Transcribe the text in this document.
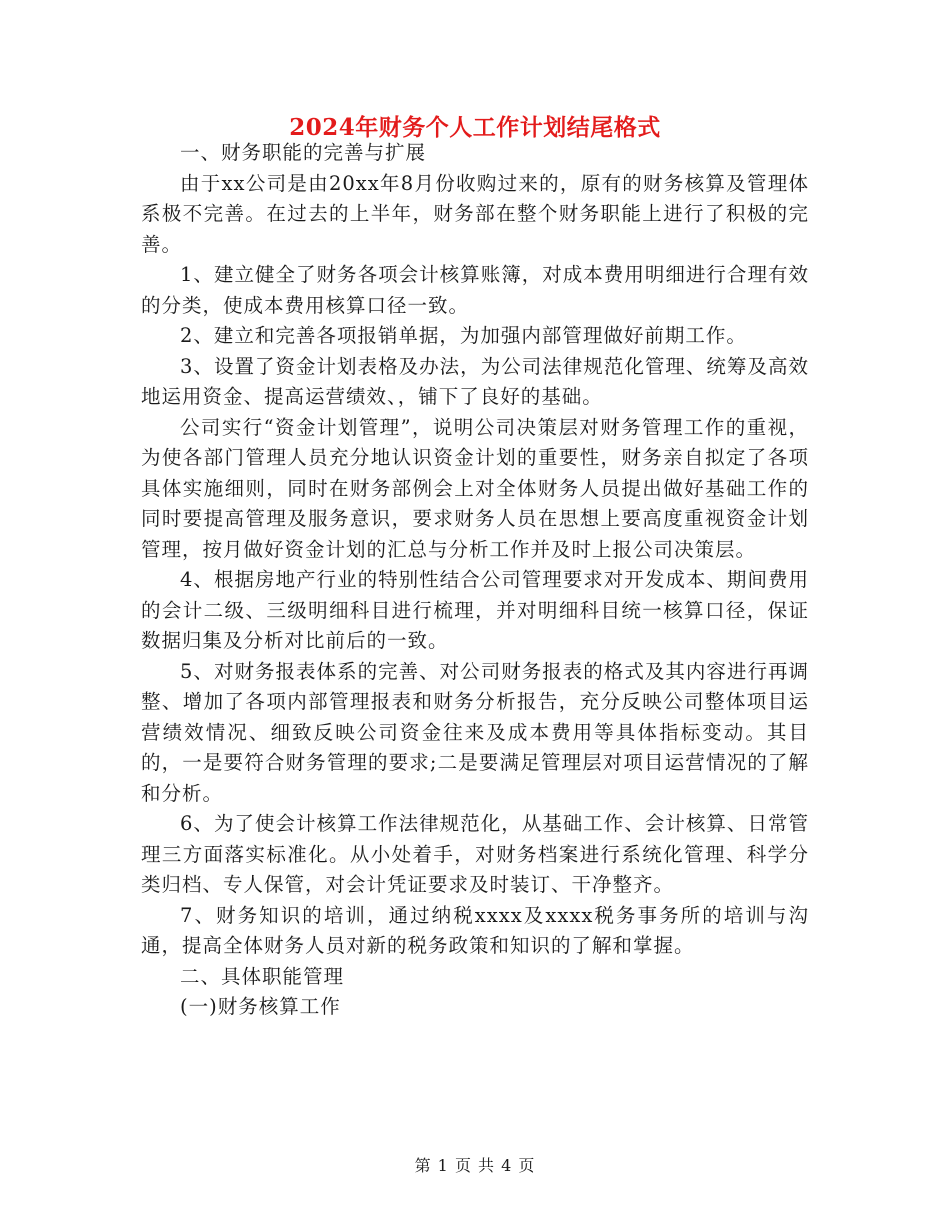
2024年财务个人工作计划结尾格式

一、财务职能的完善与扩展

由于xx公司是由20xx年8月份收购过来的，原有的财务核算及管理体系极不完善。在过去的上半年，财务部在整个财务职能上进行了积极的完善。

1、建立健全了财务各项会计核算账簿，对成本费用明细进行合理有效的分类，使成本费用核算口径一致。

2、建立和完善各项报销单据，为加强内部管理做好前期工作。

3、设置了资金计划表格及办法，为公司法律规范化管理、统筹及高效地运用资金、提高运营绩效、，铺下了良好的基础。

公司实行“资金计划管理”，说明公司决策层对财务管理工作的重视，为使各部门管理人员充分地认识资金计划的重要性，财务亲自拟定了各项具体实施细则，同时在财务部例会上对全体财务人员提出做好基础工作的同时要提高管理及服务意识，要求财务人员在思想上要高度重视资金计划管理，按月做好资金计划的汇总与分析工作并及时上报公司决策层。

4、根据房地产行业的特别性结合公司管理要求对开发成本、期间费用的会计二级、三级明细科目进行梳理，并对明细科目统一核算口径，保证数据归集及分析对比前后的一致。

5、对财务报表体系的完善、对公司财务报表的格式及其内容进行再调整、增加了各项内部管理报表和财务分析报告，充分反映公司整体项目运营绩效情况、细致反映公司资金往来及成本费用等具体指标变动。其目的，一是要符合财务管理的要求;二是要满足管理层对项目运营情况的了解和分析。

6、为了使会计核算工作法律规范化，从基础工作、会计核算、日常管理三方面落实标准化。从小处着手，对财务档案进行系统化管理、科学分类归档、专人保管，对会计凭证要求及时装订、干净整齐。

7、财务知识的培训，通过纳税xxxx及xxxx税务事务所的培训与沟通，提高全体财务人员对新的税务政策和知识的了解和掌握。

二、具体职能管理

(一)财务核算工作

第 1 页 共 4 页
